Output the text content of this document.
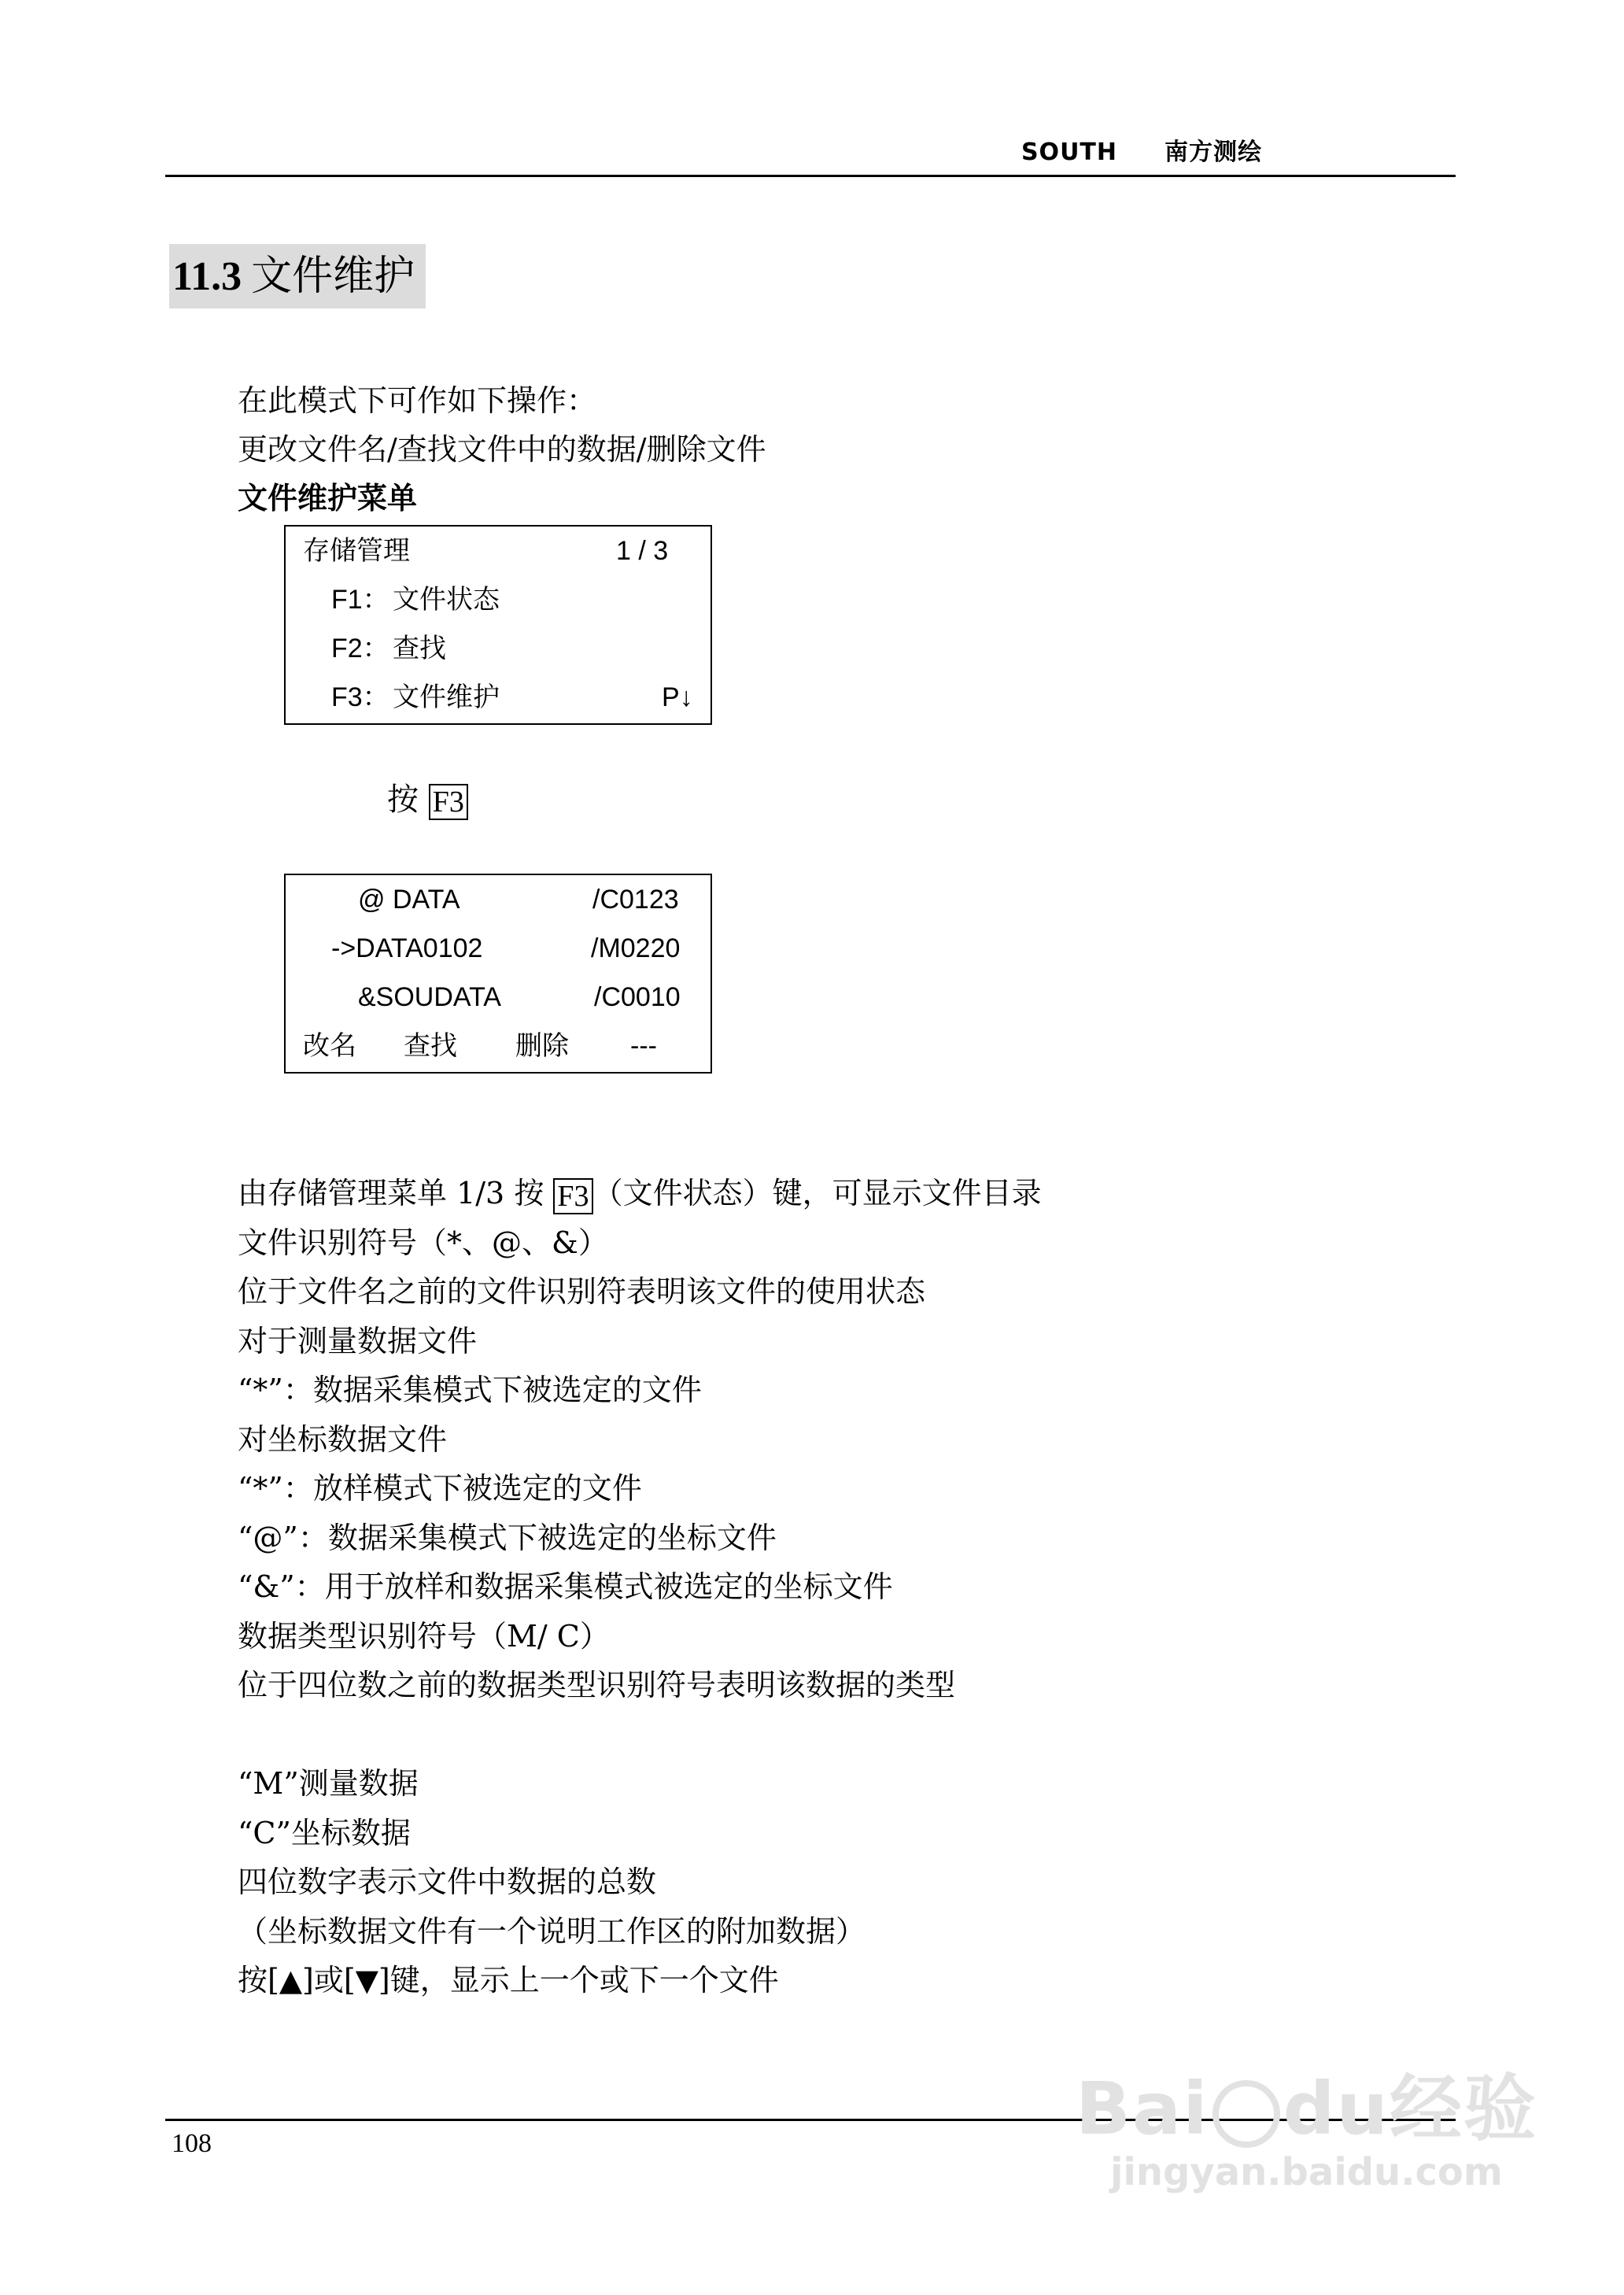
SOUTH 南方测绘
11.3 文件维护
在此模式下可作如下操作：
更改文件名/查找文件中的数据/删除文件
文件维护菜单
存储管理	1 / 3
F1： 文件状态
F2： 查找
F3： 文件维护	P↓
按 F3
@ DATA	/C0123
->DATA0102	/M0220
&SOUDATA	/C0010
改名 查找 删除 ---
由存储管理菜单 1/3 按 F3 （文件状态）键，可显示文件目录
文件识别符号（*、@、&）
位于文件名之前的文件识别符表明该文件的使用状态
对于测量数据文件
“*”：数据采集模式下被选定的文件
对坐标数据文件
“*”：放样模式下被选定的文件
“@”：数据采集模式下被选定的坐标文件
“&”：用于放样和数据采集模式被选定的坐标文件
数据类型识别符号（M/ C）
位于四位数之前的数据类型识别符号表明该数据的类型
“M”测量数据
“C”坐标数据
四位数字表示文件中数据的总数
（坐标数据文件有一个说明工作区的附加数据）
按[▲]或[▼]键，显示上一个或下一个文件
108	Bai du经验
jingyan.baidu.com
